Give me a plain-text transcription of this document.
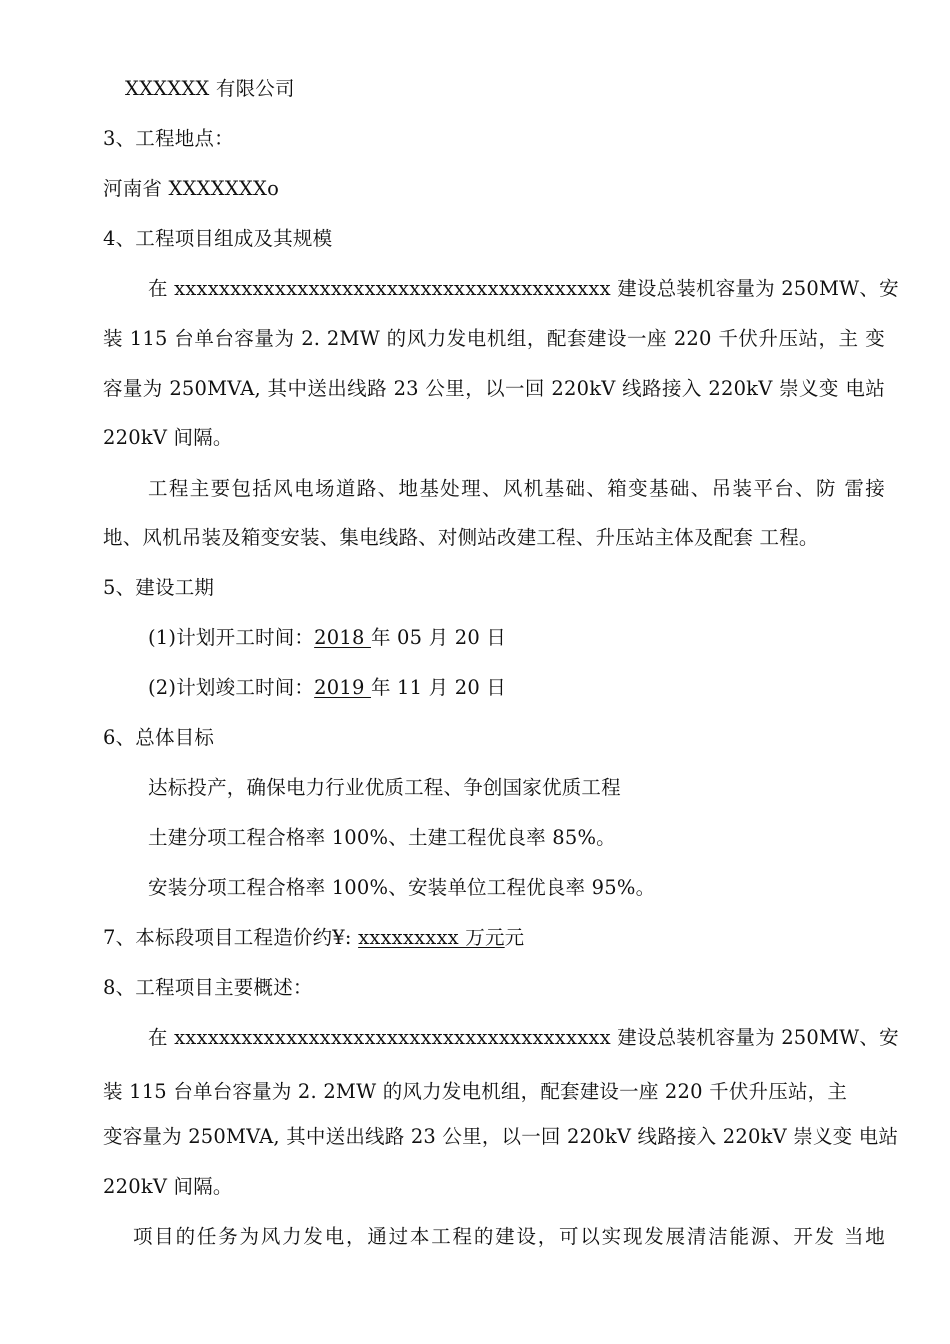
XXXXXX 有限公司
3、工程地点：
河南省 XXXXXXXo
4、工程项目组成及其规模
在 xxxxxxxxxxxxxxxxxxxxxxxxxxxxxxxxxxxxxxx 建设总装机容量为 250MW、安
装 115 台单台容量为 2. 2MW 的风力发电机组，配套建设一座 220 千伏升压站，主 变
容量为 250MVA, 其中送出线路 23 公里，以一回 220kV 线路接入 220kV 崇义变 电站
220kV 间隔。
工程主要包括风电场道路、地基处理、风机基础、箱变基础、吊装平台、防 雷接
地、风机吊装及箱变安装、集电线路、对侧站改建工程、升压站主体及配套 工程。
5、建设工期
(1)计划开工时间：2018 年 05 月 20 日
(2)计划竣工时间：2019 年 11 月 20 日
6、总体目标
达标投产，确保电力行业优质工程、争创国家优质工程
土建分项工程合格率 100%、土建工程优良率 85%。
安装分项工程合格率 100%、安装单位工程优良率 95%。
7、本标段项目工程造价约¥: xxxxxxxxx 万元元
8、工程项目主要概述：
在 xxxxxxxxxxxxxxxxxxxxxxxxxxxxxxxxxxxxxxx 建设总装机容量为 250MW、安
装 115 台单台容量为 2. 2MW 的风力发电机组，配套建设一座 220 千伏升压站，主
变容量为 250MVA, 其中送出线路 23 公里，以一回 220kV 线路接入 220kV 崇义变 电站
220kV 间隔。
项目的任务为风力发电，通过本工程的建设，可以实现发展清洁能源、开发 当地
